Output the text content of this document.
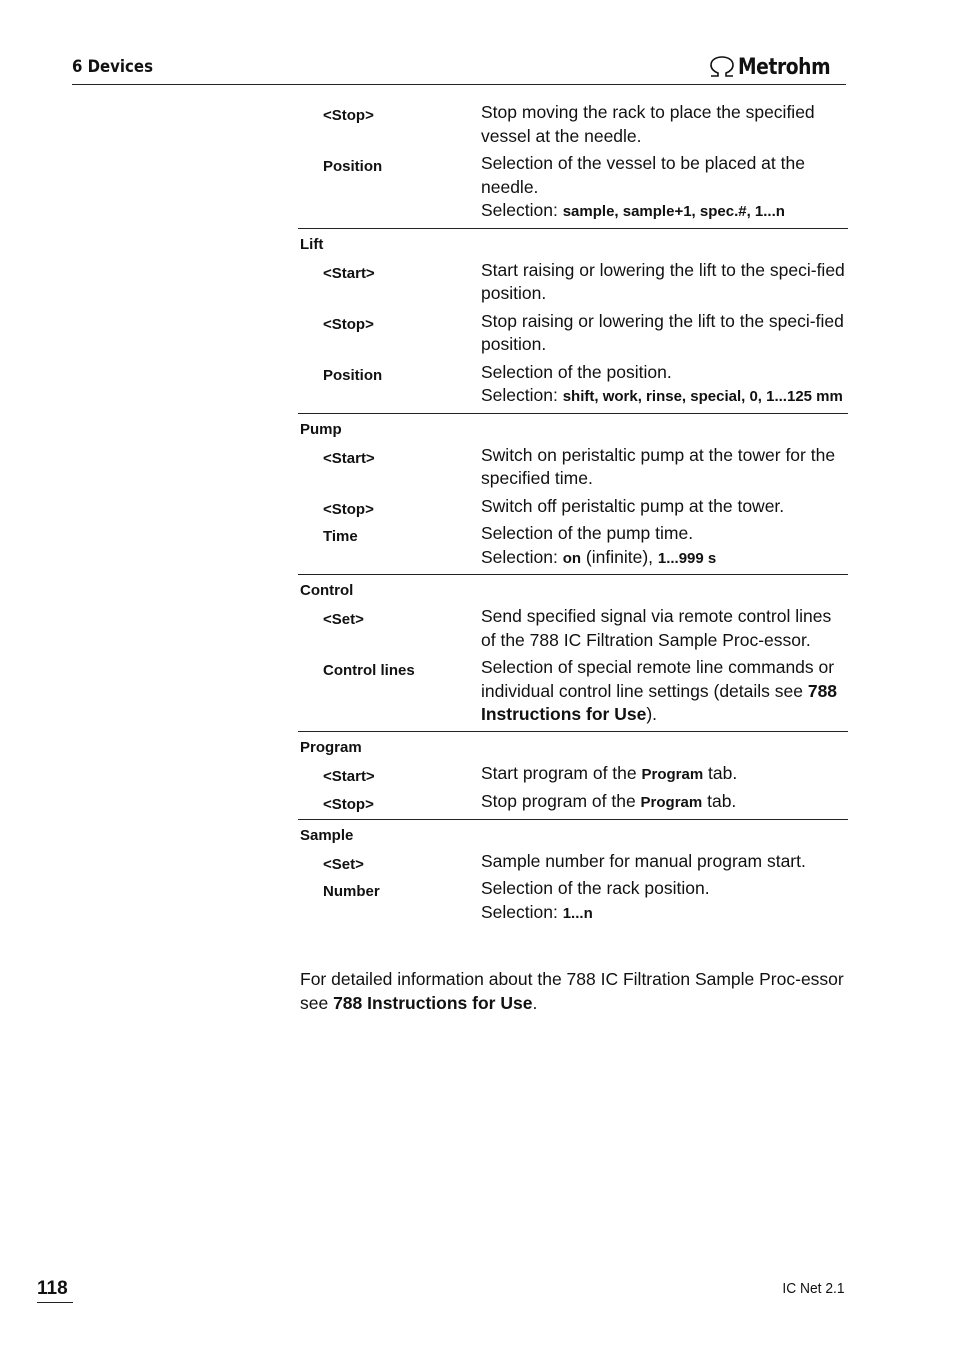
6 Devices	Metrohm
<Stop>	Stop moving the rack to place the specified vessel at the needle.
Position	Selection of the vessel to be placed at the needle.
Selection: sample, sample+1, spec.#, 1...n
Lift
<Start>	Start raising or lowering the lift to the speci-fied position.
<Stop>	Stop raising or lowering the lift to the speci-fied position.
Position	Selection of the position.
Selection: shift, work, rinse, special, 0, 1...125 mm
Pump
<Start>	Switch on peristaltic pump at the tower for the specified time.
<Stop>	Switch off peristaltic pump at the tower.
Time	Selection of the pump time.
Selection: on (infinite), 1...999 s
Control
<Set>	Send specified signal via remote control lines of the 788 IC Filtration Sample Proc-essor.
Control lines	Selection of special remote line commands or individual control line settings (details see 788 Instructions for Use).
Program
<Start>	Start program of the Program tab.
<Stop>	Stop program of the Program tab.
Sample
<Set>	Sample number for manual program start.
Number	Selection of the rack position.
Selection: 1...n
For detailed information about the 788 IC Filtration Sample Proc-essor see 788 Instructions for Use.
118	IC Net 2.1
